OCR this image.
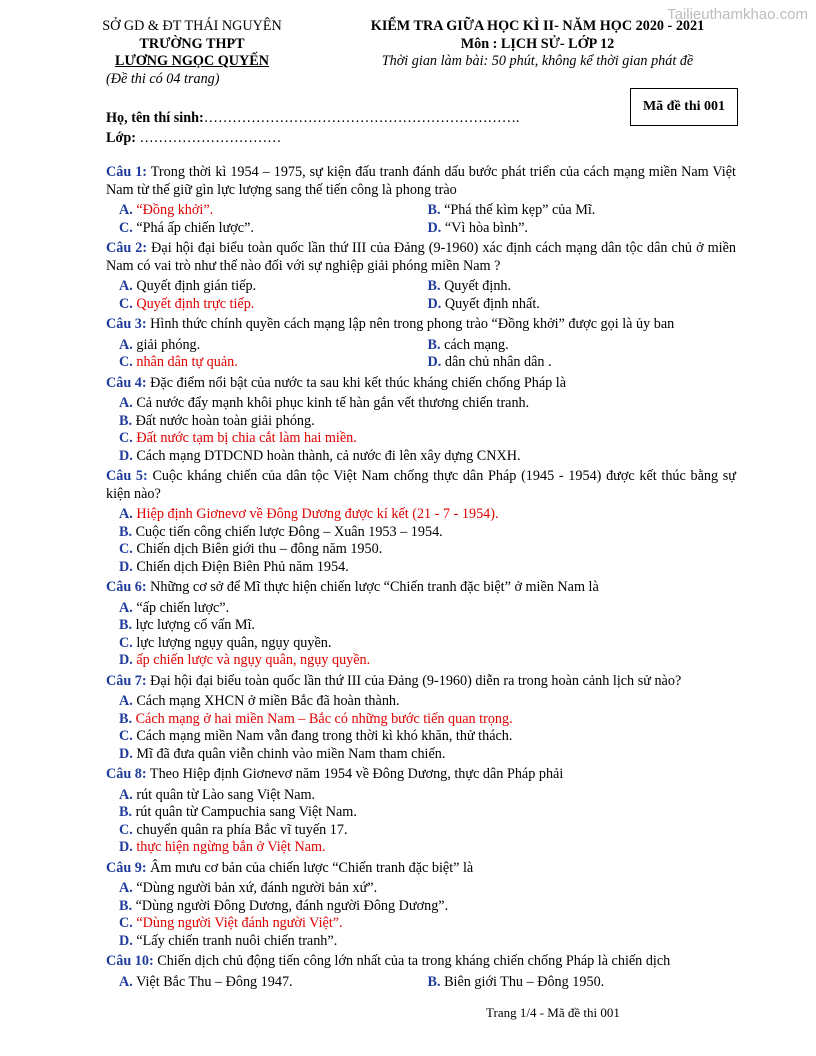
Tailieuthamkhao.com
SỞ GD & ĐT THÁI NGUYÊN
TRƯỜNG THPT
LƯƠNG NGỌC QUYẾN
(Đề thi có 04 trang)
KIỂM TRA GIỮA HỌC KÌ II- NĂM HỌC 2020 - 2021
Môn : LỊCH SỬ- LỚP 12
Thời gian làm bài: 50 phút, không kể thời gian phát đề
Mã đề thi 001
Họ, tên thí sinh:………………………………………………………….
Lớp: …………………………
Câu 1: Trong thời kì 1954 – 1975, sự kiện đấu tranh đánh dấu bước phát triển của cách mạng miền Nam Việt Nam từ thế giữ gìn lực lượng sang thế tiến công là phong trào
A. “Đồng khởi”.	B. “Phá thế kìm kẹp” của Mĩ.
C. “Phá ấp chiến lược”.	D. “Vì hòa bình”.
Câu 2: Đại hội đại biểu toàn quốc lần thứ III của Đảng (9-1960) xác định cách mạng dân tộc dân chủ ở miền Nam có vai trò như thế nào đối với sự nghiệp giải phóng miền Nam ?
A. Quyết định gián tiếp.	B. Quyết định.
C. Quyết định trực tiếp.	D. Quyết định nhất.
Câu 3: Hình thức chính quyền cách mạng lập nên trong phong trào “Đồng khởi” được gọi là ủy ban
A. giải phóng.	B. cách mạng.
C. nhân dân tự quản.	D. dân chủ nhân dân .
Câu 4: Đặc điểm nổi bật của nước ta sau khi kết thúc kháng chiến chống Pháp là
A. Cả nước đẩy mạnh khôi phục kinh tế hàn gắn vết thương chiến tranh.
B. Đất nước hoàn toàn giải phóng.
C. Đất nước tạm bị chia cắt làm hai miền.
D. Cách mạng DTDCND hoàn thành, cả nước đi lên xây dựng CNXH.
Câu 5: Cuộc kháng chiến của dân tộc Việt Nam chống thực dân Pháp (1945 - 1954) được kết thúc bằng sự kiện nào?
A. Hiệp định Giơnevơ về Đông Dương được kí kết (21 - 7 - 1954).
B. Cuộc tiến công chiến lược Đông – Xuân 1953 – 1954.
C. Chiến dịch Biên giới thu – đông năm 1950.
D. Chiến dịch Điện Biên Phủ năm 1954.
Câu 6: Những cơ sở để Mĩ thực hiện chiến lược “Chiến tranh đặc biệt” ở miền Nam là
A. “ấp chiến lược”.
B. lực lượng cố vấn Mĩ.
C. lực lượng ngụy quân, ngụy quyền.
D. ấp chiến lược và ngụy quân, ngụy quyền.
Câu 7: Đại hội đại biểu toàn quốc lần thứ III của Đảng (9-1960) diễn ra trong hoàn cảnh lịch sử nào?
A. Cách mạng XHCN ở miền Bắc đã hoàn thành.
B. Cách mạng ở hai miền Nam – Bắc có những bước tiến quan trọng.
C. Cách mạng miền Nam vẫn đang trong thời kì khó khăn, thử thách.
D. Mĩ đã đưa quân viễn chinh vào miền Nam tham chiến.
Câu 8: Theo Hiệp định Giơnevơ năm 1954 về Đông Dương, thực dân Pháp phải
A. rút quân từ Lào sang Việt Nam.
B. rút quân từ Campuchia sang Việt Nam.
C. chuyển quân ra phía Bắc vĩ tuyến 17.
D. thực hiện ngừng bắn ở Việt Nam.
Câu 9: Âm mưu cơ bản của chiến lược “Chiến tranh đặc biệt” là
A. “Dùng người bản xứ, đánh người bản xứ”.
B. “Dùng người Đông Dương, đánh người Đông Dương”.
C. “Dùng người Việt đánh người Việt”.
D. “Lấy chiến tranh nuôi chiến tranh”.
Câu 10: Chiến dịch chủ động tiến công lớn nhất của ta trong kháng chiến chống Pháp là chiến dịch
A. Việt Bắc Thu – Đông 1947.	B. Biên giới Thu – Đông 1950.
Trang 1/4 - Mã đề thi 001
